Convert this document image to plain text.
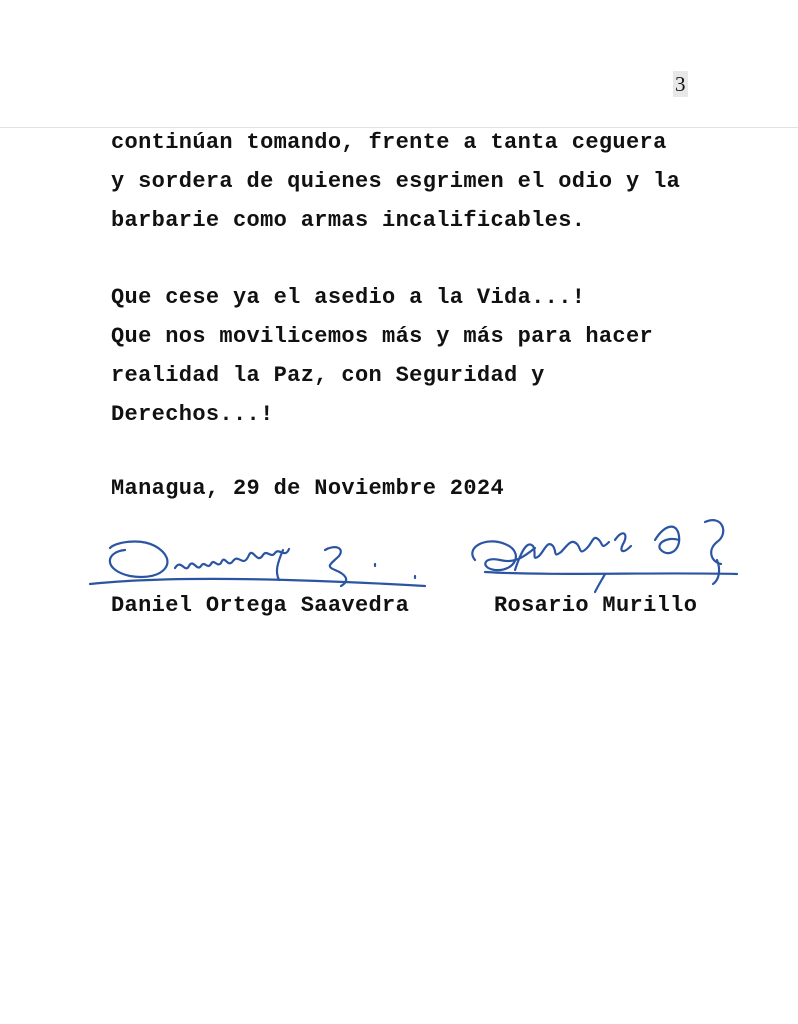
3
continúan tomando, frente a tanta ceguera
y sordera de quienes esgrimen el odio y la
barbarie como armas incalificables.
Que cese ya el asedio a la Vida...!
Que nos movilicemos más y más para hacer
realidad la Paz, con Seguridad y
Derechos...!
Managua, 29 de Noviembre 2024
Daniel Ortega Saavedra	Rosario Murillo
